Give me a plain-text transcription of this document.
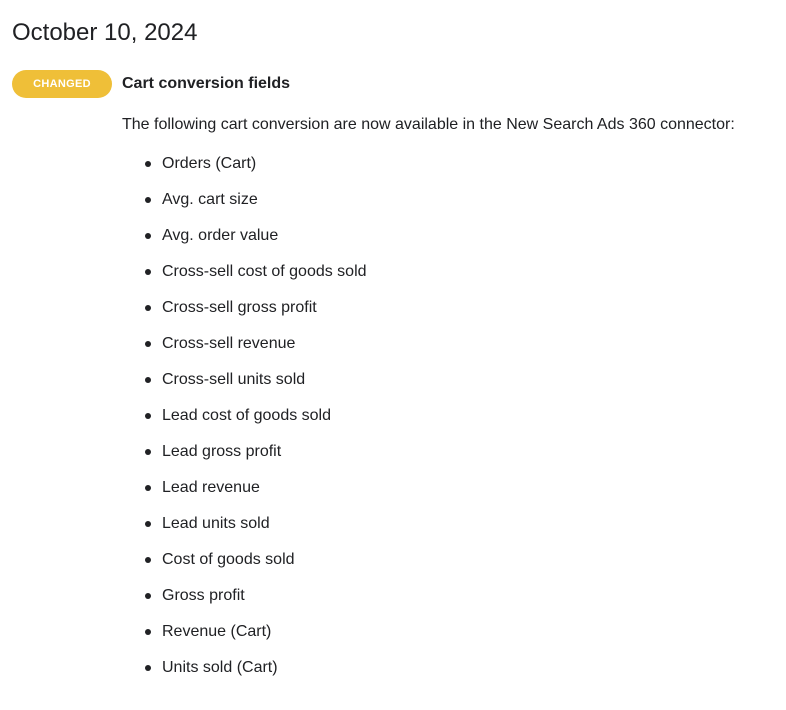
October 10, 2024
CHANGED	Cart conversion fields

The following cart conversion are now available in the New Search Ads 360 connector:

Orders (Cart)
Avg. cart size
Avg. order value
Cross-sell cost of goods sold
Cross-sell gross profit
Cross-sell revenue
Cross-sell units sold
Lead cost of goods sold
Lead gross profit
Lead revenue
Lead units sold
Cost of goods sold
Gross profit
Revenue (Cart)
Units sold (Cart)
